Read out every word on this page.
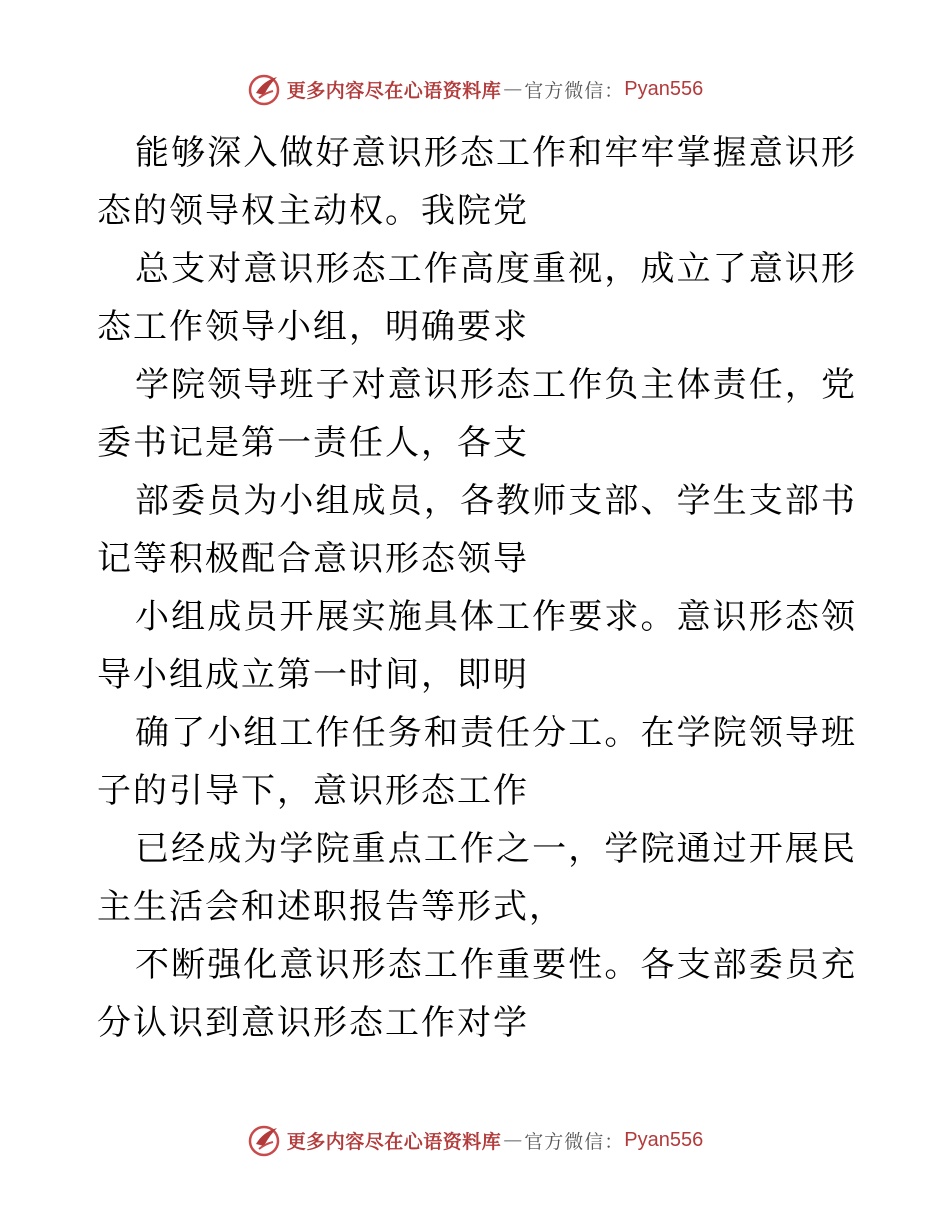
更多内容尽在心语资料库 — 官方微信： Pyan556

能够深入做好意识形态工作和牢牢掌握意识形态的领导权主动权。我院党

总支对意识形态工作高度重视，成立了意识形态工作领导小组，明确要求

学院领导班子对意识形态工作负主体责任，党委书记是第一责任人，各支

部委员为小组成员，各教师支部、学生支部书记等积极配合意识形态领导

小组成员开展实施具体工作要求。意识形态领导小组成立第一时间，即明

确了小组工作任务和责任分工。在学院领导班子的引导下，意识形态工作

已经成为学院重点工作之一，学院通过开展民主生活会和述职报告等形式，

不断强化意识形态工作重要性。各支部委员充分认识到意识形态工作对学

更多内容尽在心语资料库 — 官方微信： Pyan556
